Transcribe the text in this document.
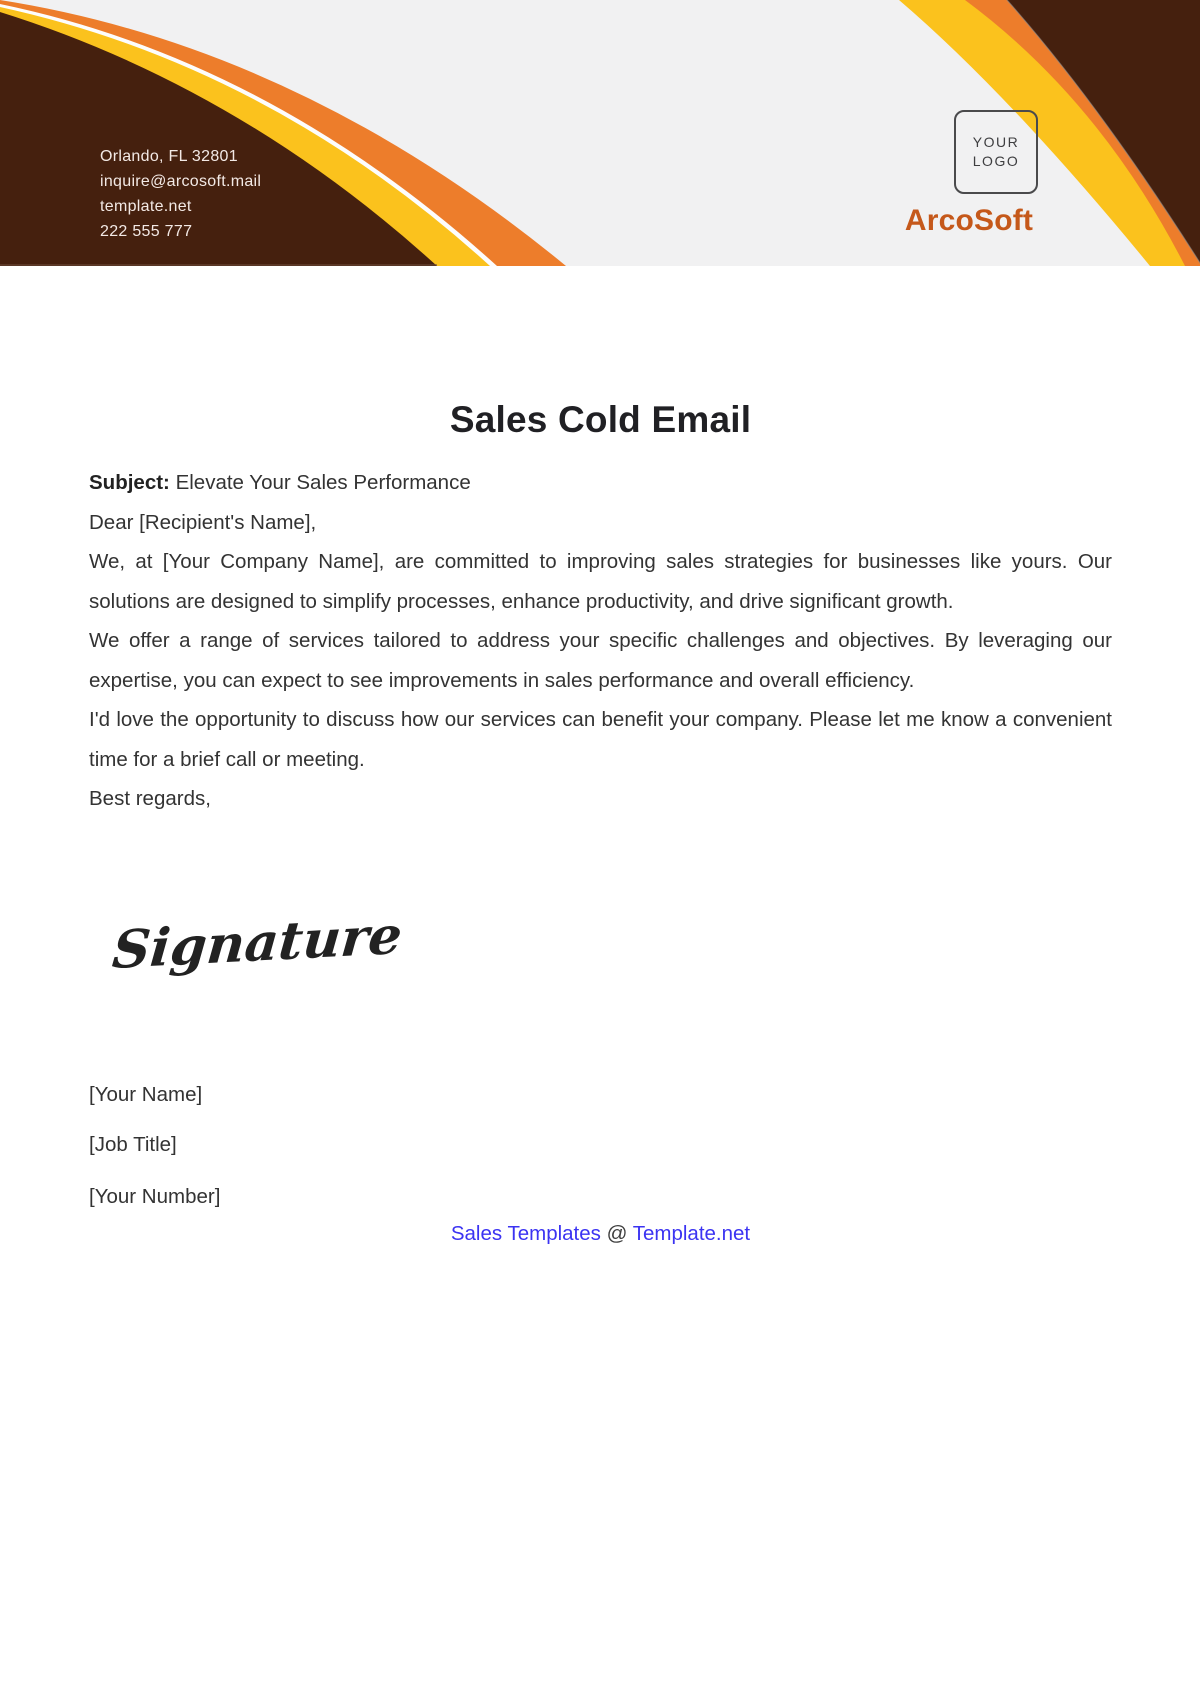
Orlando, FL 32801
inquire@arcosoft.mail
template.net
222 555 777
YOUR
LOGO
ArcoSoft
Sales Cold Email

Subject: Elevate Your Sales Performance

Dear [Recipient's Name],

We, at [Your Company Name], are committed to improving sales strategies for businesses like yours. Our solutions are designed to simplify processes, enhance productivity, and drive significant growth.

We offer a range of services tailored to address your specific challenges and objectives. By leveraging our expertise, you can expect to see improvements in sales performance and overall efficiency.

I'd love the opportunity to discuss how our services can benefit your company. Please let me know a convenient time for a brief call or meeting.

Best regards,

Signature
[Your Name]
[Job Title]
[Your Number]
Sales Templates @ Template.net
